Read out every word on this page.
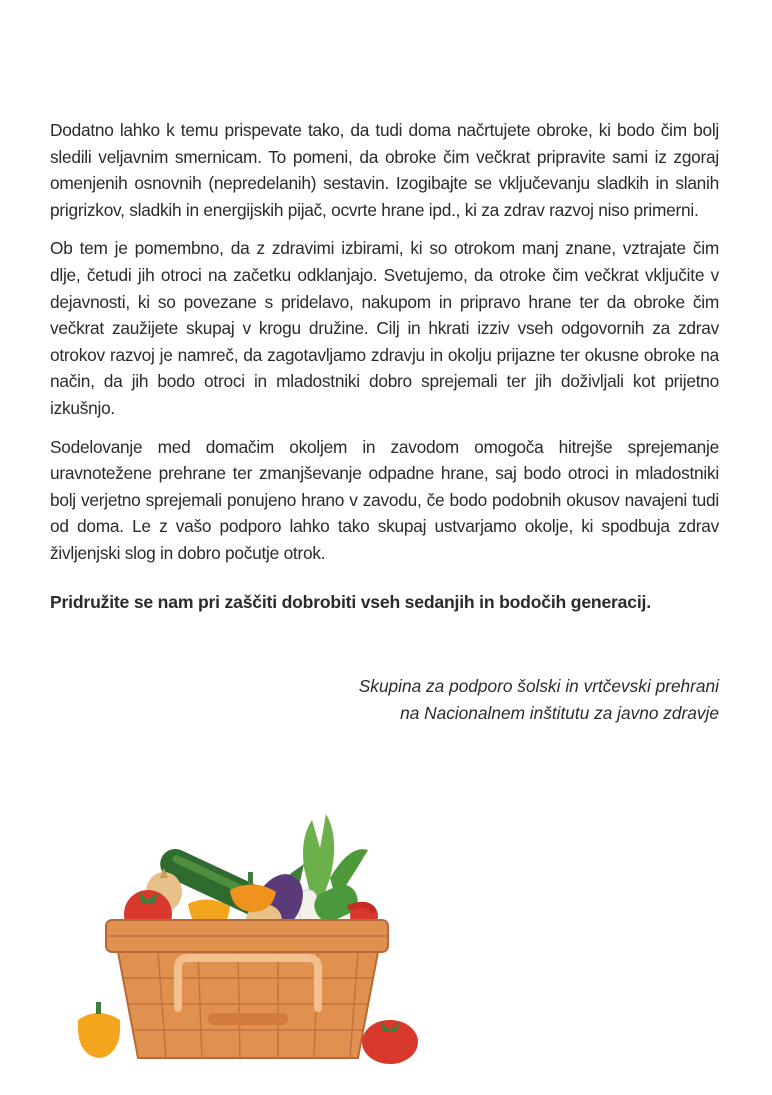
Dodatno lahko k temu prispevate tako, da tudi doma načrtujete obroke, ki bodo čim bolj sledili veljavnim smernicam. To pomeni, da obroke čim večkrat pripravite sami iz zgoraj omenjenih osnovnih (nepredelanih) sestavin. Izogibajte se vključevanju sladkih in slanih prigrizkov, sladkih in energijskih pijač, ocvrte hrane ipd., ki za zdrav razvoj niso primerni.

Ob tem je pomembno, da z zdravimi izbirami, ki so otrokom manj znane, vztrajate čim dlje, četudi jih otroci na začetku odklanjajo. Svetujemo, da otroke čim večkrat vključite v dejavnosti, ki so povezane s pridelavo, nakupom in pripravo hrane ter da obroke čim večkrat zaužijete skupaj v krogu družine. Cilj in hkrati izziv vseh odgovornih za zdrav otrokov razvoj je namreč, da zagotavljamo zdravju in okolju prijazne ter okusne obroke na način, da jih bodo otroci in mladostniki dobro sprejemali ter jih doživljali kot prijetno izkušnjo.

Sodelovanje med domačim okoljem in zavodom omogoča hitrejše sprejemanje uravnotežene prehrane ter zmanjševanje odpadne hrane, saj bodo otroci in mladostniki bolj verjetno sprejemali ponujeno hrano v zavodu, če bodo podobnih okusov navajeni tudi od doma. Le z vašo podporo lahko tako skupaj ustvarjamo okolje, ki spodbuja zdrav življenjski slog in dobro počutje otrok.

Pridružite se nam pri zaščiti dobrobiti vseh sedanjih in bodočih generacij.

Skupina za podporo šolski in vrtčevski prehrani
na Nacionalnem inštitutu za javno zdravje
